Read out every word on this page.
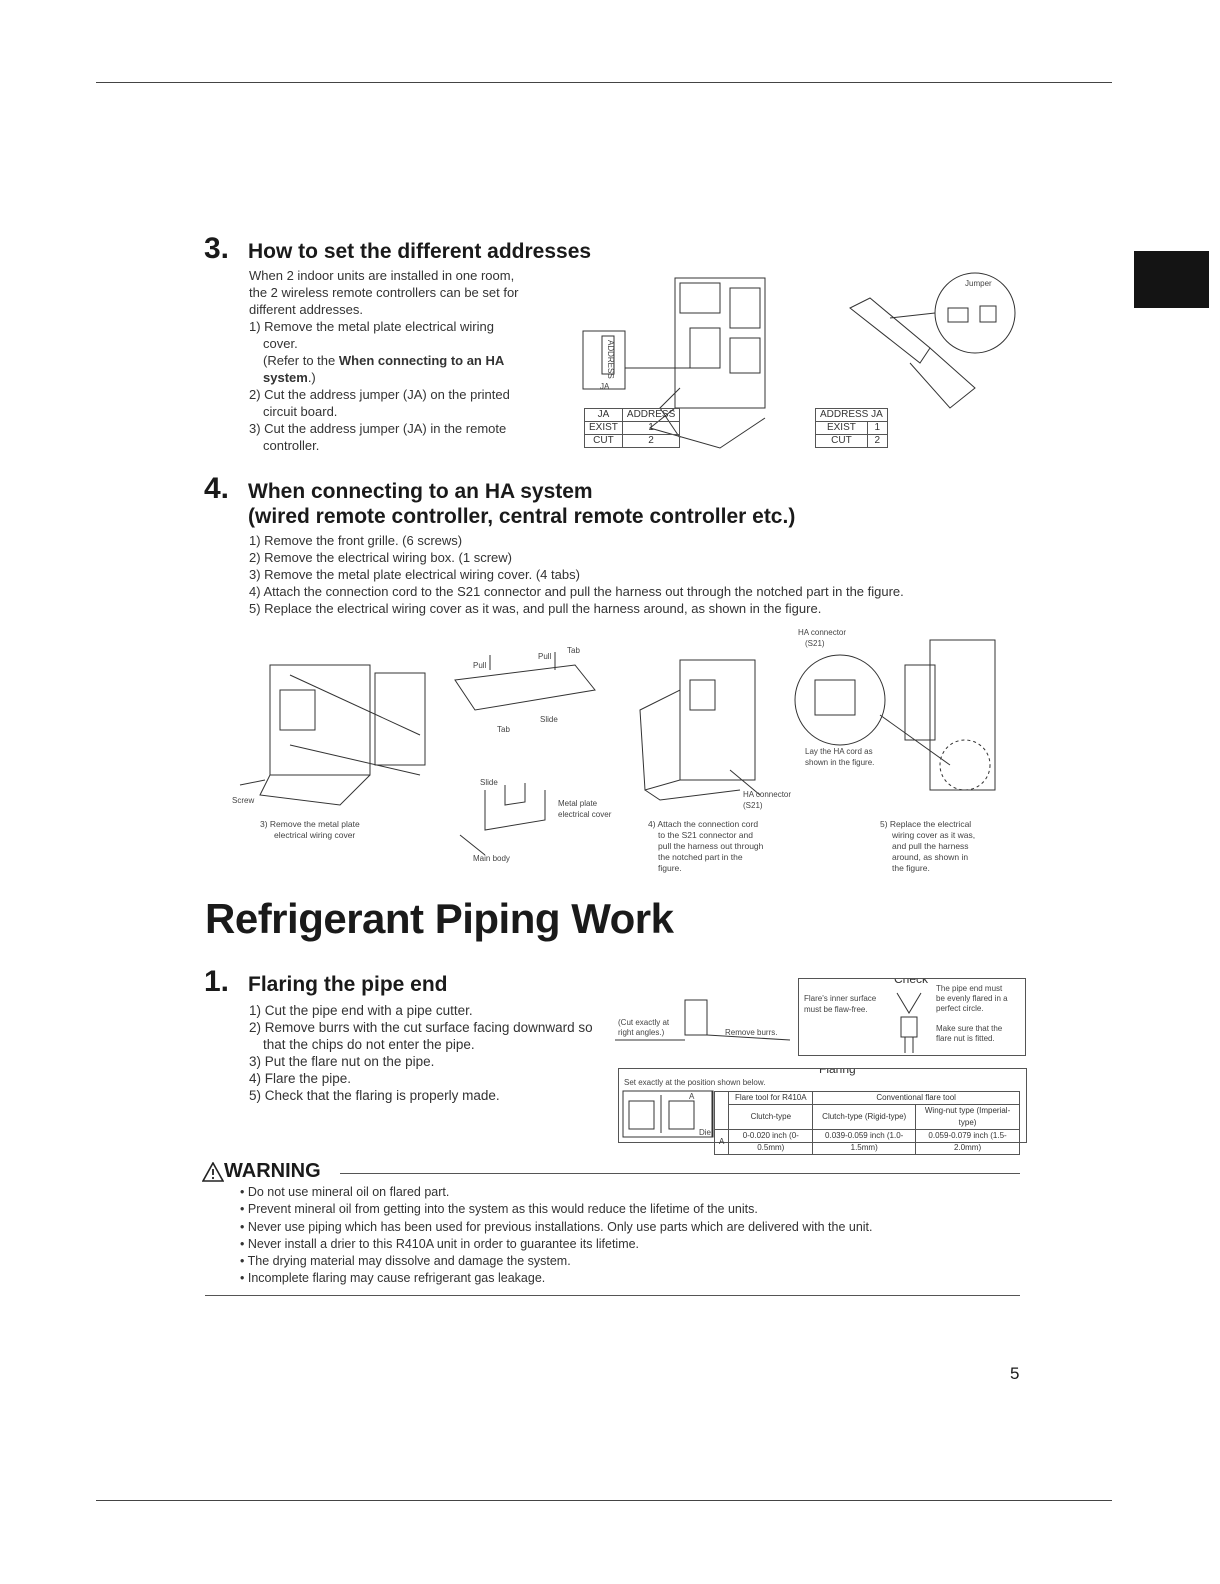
3. How to set the different addresses

When 2 indoor units are installed in one room,

the 2 wireless remote controllers can be set for

different addresses.

1) Remove the metal plate electrical wiring

cover.

(Refer to the When connecting to an HA

system.)

2) Cut the address jumper (JA) on the printed

circuit board.

3) Cut the address jumper (JA) in the remote

controller.

ADDRESS
JA
JA	ADDRESS
EXIST	1
CUT	2
Jumper
ADDRESS JA	
EXIST	1
CUT	2
4. When connecting to an HA system
(wired remote controller, central remote controller etc.)

1) Remove the front grille. (6 screws)

2) Remove the electrical wiring box. (1 screw)

3) Remove the metal plate electrical wiring cover. (4 tabs)

4) Attach the connection cord to the S21 connector and pull the harness out through the notched part in the figure.

5) Replace the electrical wiring cover as it was, and pull the harness around, as shown in the figure.

Screw
3) Remove the metal plate
electrical wiring cover
Pull
Pull
Tab
Tab
Slide
Slide
Metal plate
electrical cover
Main body
HA connector
(S21)
4) Attach the connection cord
to the S21 connector and
pull the harness out through
the notched part in the
figure.
HA connector
(S21)
Lay the HA cord as
shown in the figure.
5) Replace the electrical
wiring cover as it was,
and pull the harness
around, as shown in
the figure.
Refrigerant Piping Work
1. Flaring the pipe end

1) Cut the pipe end with a pipe cutter.

2) Remove burrs with the cut surface facing downward so

that the chips do not enter the pipe.

3) Put the flare nut on the pipe.

4) Flare the pipe.

5) Check that the flaring is properly made.

(Cut exactly at
right angles.)	Remove burrs.
Check
Flare's inner surface
must be flaw-free.
The pipe end must
be evenly flared in a
perfect circle.
Make sure that the
flare nut is fitted.
Flaring
Set exactly at the position shown below.
A
Die
	Flare tool for R410A	Conventional flare tool	
	Clutch-type	Clutch-type (Rigid-type)	Wing-nut type (Imperial-type)
A	0-0.020 inch (0-0.5mm)	0.039-0.059 inch (1.0-1.5mm)	0.059-0.079 inch (1.5-2.0mm)
WARNING
• Do not use mineral oil on flared part.
• Prevent mineral oil from getting into the system as this would reduce the lifetime of the units.
• Never use piping which has been used for previous installations. Only use parts which are delivered with the unit.
• Never install a drier to this R410A unit in order to guarantee its lifetime.
• The drying material may dissolve and damage the system.
• Incomplete flaring may cause refrigerant gas leakage.
5
